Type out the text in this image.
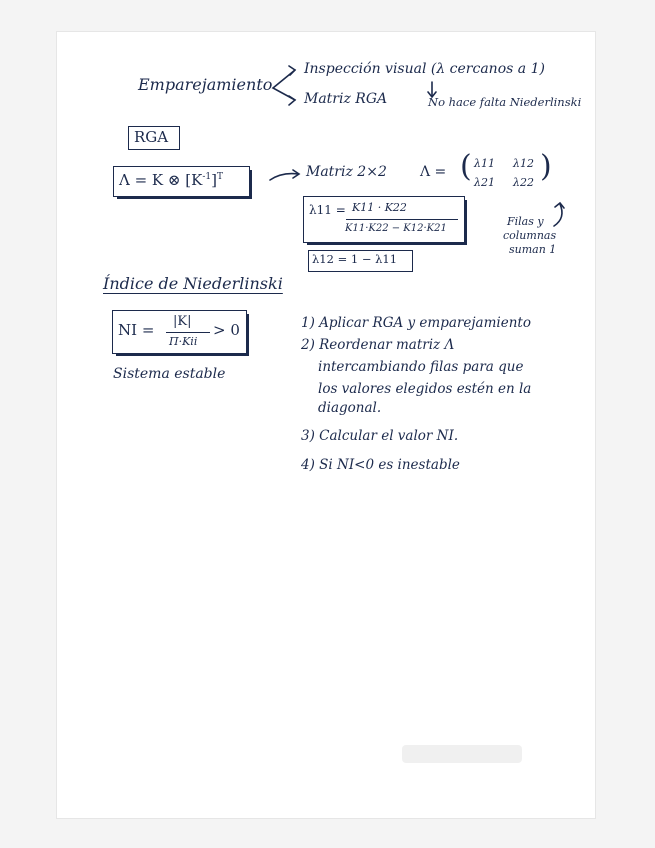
Emparejamiento
Inspección visual (λ cercanos a 1)
Matriz RGA	No hace falta Niederlinski
RGA
Λ = K ⊗ $[K^{-1}]^T$	Matriz 2×2 Λ = ( λ11 λ12
λ21 λ22 )
λ11 = K11 · K22
K11·K22 − K12·K21
λ12 = 1 − λ11
Filas y
columnas
suman 1
Índice de Niederlinski
NI = |K|
Π·Kii
> 0
Sistema estable
1) Aplicar RGA y emparejamiento
2) Reordenar matriz Λ
intercambiando filas para que
los valores elegidos estén en la
diagonal.
3) Calcular el valor NI.
4) Si NI<0 es inestable
